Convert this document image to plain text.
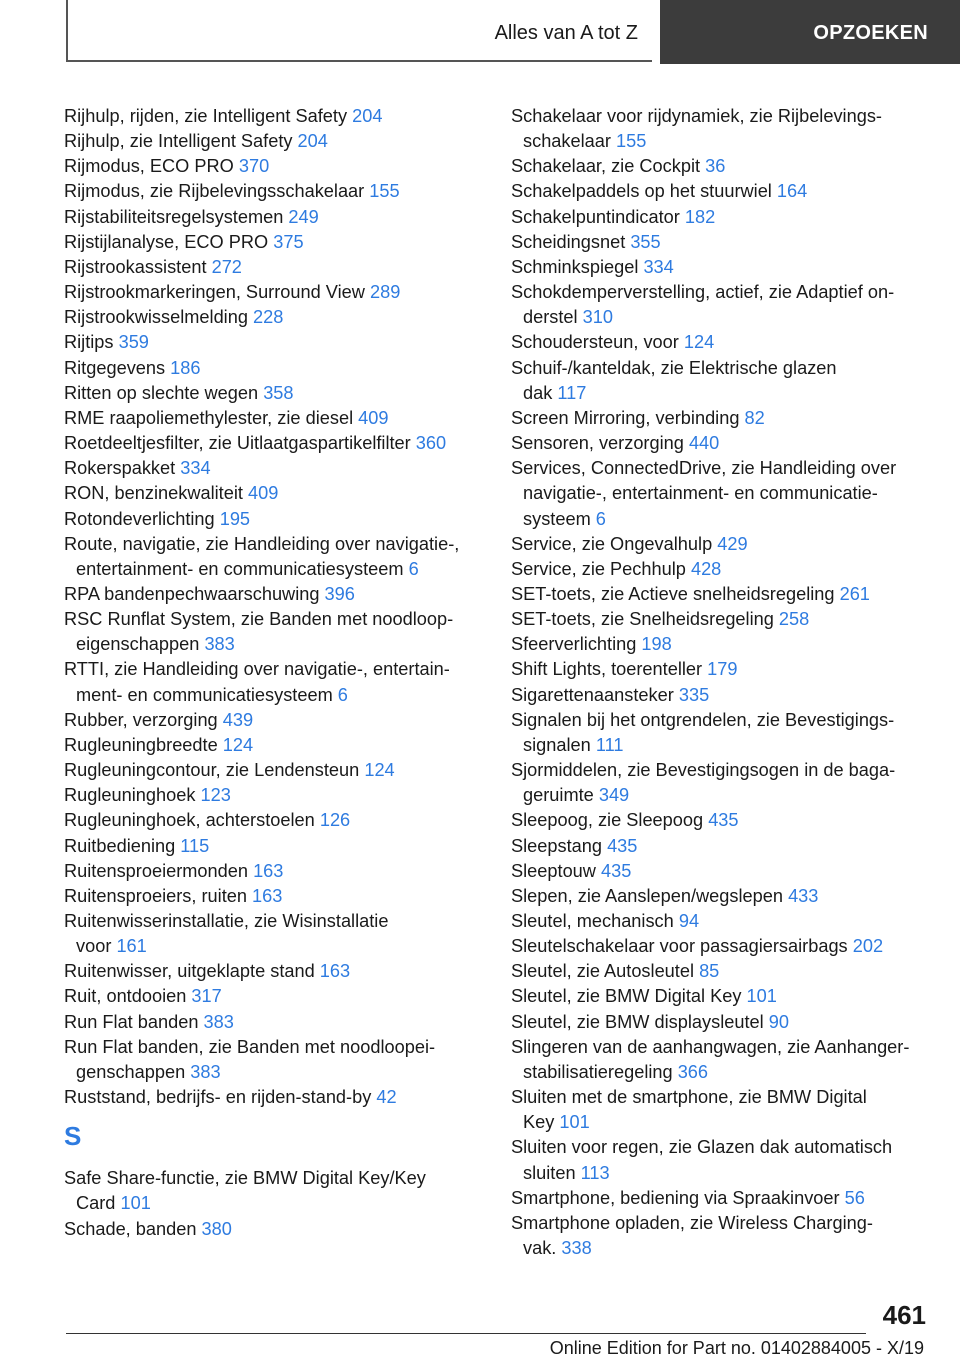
Alles van A tot Z	OPZOEKEN
Rijhulp, rijden, zie Intelligent Safety 204
Rijhulp, zie Intelligent Safety 204
Rijmodus, ECO PRO 370
Rijmodus, zie Rijbelevingsschakelaar 155
Rijstabiliteitsregelsystemen 249
Rijstijlanalyse, ECO PRO 375
Rijstrookassistent 272
Rijstrookmarkeringen, Surround View 289
Rijstrookwisselmelding 228
Rijtips 359
Ritgegevens 186
Ritten op slechte wegen 358
RME raapoliemethylester, zie diesel 409
Roetdeeltjesfilter, zie Uitlaatgaspartikelfilter 360
Rokerspakket 334
RON, benzinekwaliteit 409
Rotondeverlichting 195
Route, navigatie, zie Handleiding over navigatie-,
entertainment- en communicatiesysteem 6
RPA bandenpechwaarschuwing 396
RSC Runflat System, zie Banden met noodloop-
eigenschappen 383
RTTI, zie Handleiding over navigatie-, entertain-
ment- en communicatiesysteem 6
Rubber, verzorging 439
Rugleuningbreedte 124
Rugleuningcontour, zie Lendensteun 124
Rugleuninghoek 123
Rugleuninghoek, achterstoelen 126
Ruitbediening 115
Ruitensproeiermonden 163
Ruitensproeiers, ruiten 163
Ruitenwisserinstallatie, zie Wisinstallatie
voor 161
Ruitenwisser, uitgeklapte stand 163
Ruit, ontdooien 317
Run Flat banden 383
Run Flat banden, zie Banden met noodloopei-
genschappen 383
Ruststand, bedrijfs- en rijden-stand-by 42
S
Safe Share-functie, zie BMW Digital Key/Key
Card 101
Schade, banden 380
Schakelaar voor rijdynamiek, zie Rijbelevings-
schakelaar 155
Schakelaar, zie Cockpit 36
Schakelpaddels op het stuurwiel 164
Schakelpuntindicator 182
Scheidingsnet 355
Schminkspiegel 334
Schokdemperverstelling, actief, zie Adaptief on-
derstel 310
Schoudersteun, voor 124
Schuif-/kanteldak, zie Elektrische glazen
dak 117
Screen Mirroring, verbinding 82
Sensoren, verzorging 440
Services, ConnectedDrive, zie Handleiding over
navigatie-, entertainment- en communicatie-
systeem 6
Service, zie Ongevalhulp 429
Service, zie Pechhulp 428
SET-toets, zie Actieve snelheidsregeling 261
SET-toets, zie Snelheidsregeling 258
Sfeerverlichting 198
Shift Lights, toerenteller 179
Sigarettenaansteker 335
Signalen bij het ontgrendelen, zie Bevestigings-
signalen 111
Sjormiddelen, zie Bevestigingsogen in de baga-
geruimte 349
Sleepoog, zie Sleepoog 435
Sleepstang 435
Sleeptouw 435
Slepen, zie Aanslepen/wegslepen 433
Sleutel, mechanisch 94
Sleutelschakelaar voor passagiersairbags 202
Sleutel, zie Autosleutel 85
Sleutel, zie BMW Digital Key 101
Sleutel, zie BMW displaysleutel 90
Slingeren van de aanhangwagen, zie Aanhanger-
stabilisatieregeling 366
Sluiten met de smartphone, zie BMW Digital
Key 101
Sluiten voor regen, zie Glazen dak automatisch
sluiten 113
Smartphone, bediening via Spraakinvoer 56
Smartphone opladen, zie Wireless Charging-
vak. 338
461
Online Edition for Part no. 01402884005 - X/19
